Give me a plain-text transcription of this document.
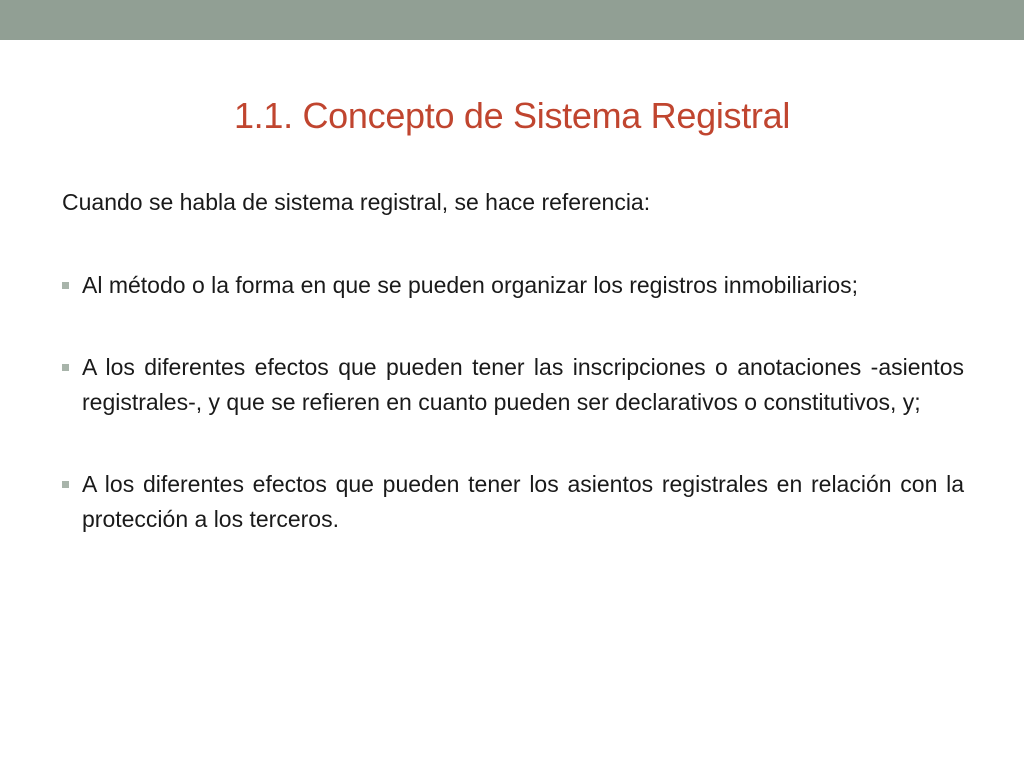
1.1. Concepto de Sistema Registral

Cuando se habla de sistema registral, se hace referencia:

Al método o la forma en que se pueden organizar los registros inmobiliarios;
A los diferentes efectos que pueden tener las inscripciones o anotaciones -asientos registrales-, y que se refieren en cuanto pueden ser declarativos o constitutivos, y;
A los diferentes efectos que pueden tener los asientos registrales en relación con la protección a los terceros.
